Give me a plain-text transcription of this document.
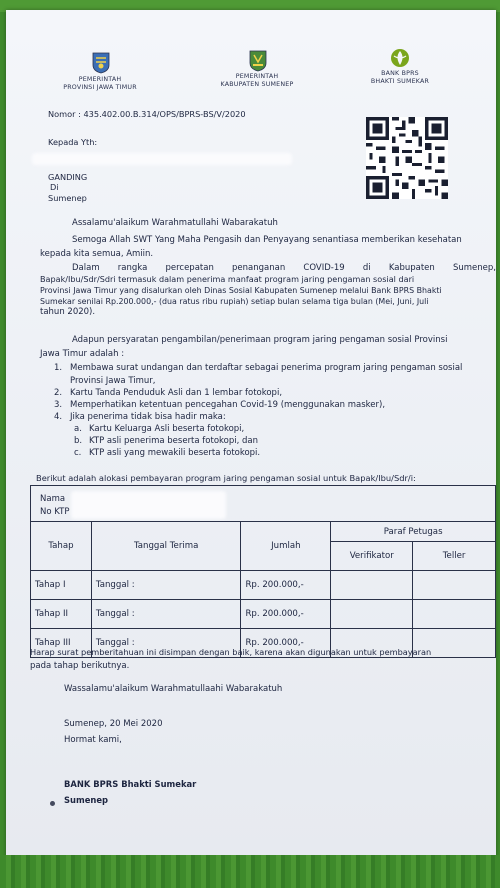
PEMERINTAH
PROVINSI JAWA TIMUR
PEMERINTAH
KABUPATEN SUMENEP
BANK BPRS
BHAKTI SUMEKAR
Nomor : 435.402.00.B.314/OPS/BPRS-BS/V/2020
Kepada Yth:
GANDING
Di
Sumenep
Assalamu'alaikum Warahmatullahi Wabarakatuh
Semoga Allah SWT Yang Maha Pengasih dan Penyayang senantiasa memberikan kesehatan
kepada kita semua, Amiin.
Dalam rangka percepatan penanganan COVID-19 di Kabupaten Sumenep,
Bapak/Ibu/Sdr/Sdri termasuk dalam penerima manfaat program jaring pengaman sosial dari
Provinsi Jawa Timur yang disalurkan oleh Dinas Sosial Kabupaten Sumenep melalui Bank BPRS Bhakti
Sumekar senilai Rp.200.000,- (dua ratus ribu rupiah) setiap bulan selama tiga bulan (Mei, Juni, Juli
tahun 2020).
Adapun persyaratan pengambilan/penerimaan program jaring pengaman sosial Provinsi
Jawa Timur adalah :
1. Membawa surat undangan dan terdaftar sebagai penerima program jaring pengaman sosial
Provinsi Jawa Timur,
2. Kartu Tanda Penduduk Asli dan 1 lembar fotokopi,
3. Memperhatikan ketentuan pencegahan Covid-19 (menggunakan masker),
4. Jika penerima tidak bisa hadir maka:
a. Kartu Keluarga Asli beserta fotokopi,
b. KTP asli penerima beserta fotokopi, dan
c. KTP asli yang mewakili beserta fotokopi.
Berikut adalah alokasi pembayaran program jaring pengaman sosial untuk Bapak/Ibu/Sdr/i:
Nama
No KTP
Tahap	Tanggal Terima	Jumlah	Paraf Petugas	
			Verifikator	Teller
Tahap I	Tanggal :	Rp. 200.000,-		
Tahap II	Tanggal :	Rp. 200.000,-		
Tahap III	Tanggal :	Rp. 200.000,-		
Harap surat pemberitahuan ini disimpan dengan baik, karena akan digunakan untuk pembayaran
pada tahap berikutnya.
Wassalamu'alaikum Warahmatullaahi Wabarakatuh
Sumenep, 20 Mei 2020
Hormat kami,
BANK BPRS Bhakti Sumekar
Sumenep
